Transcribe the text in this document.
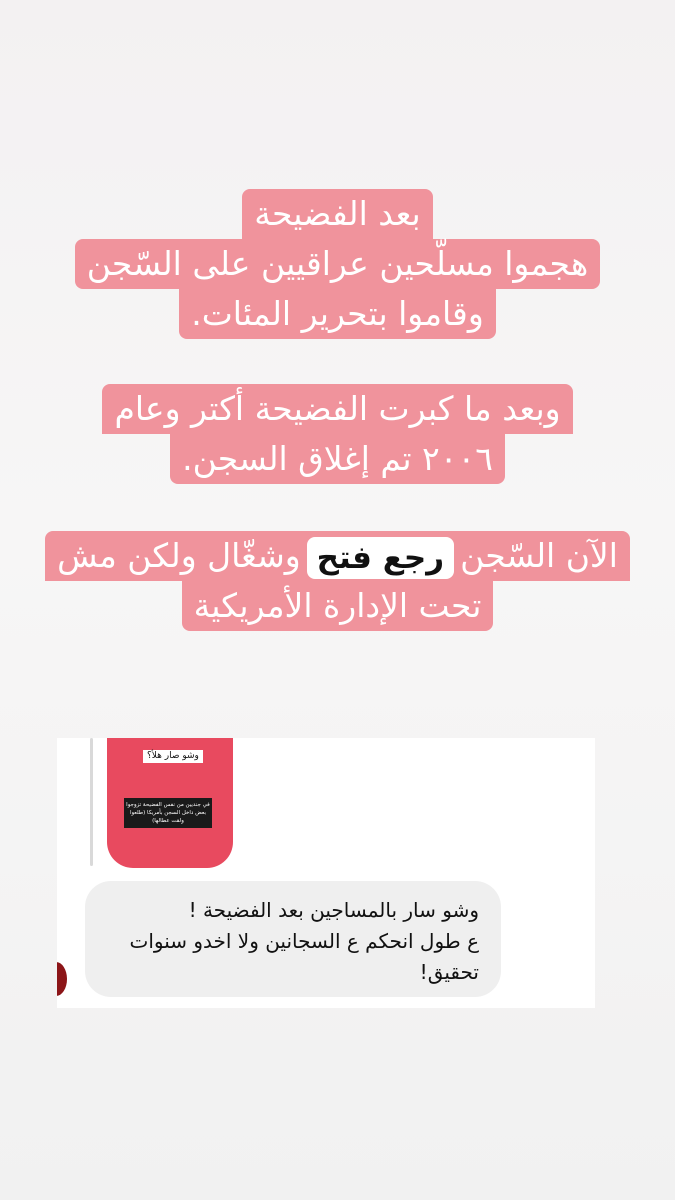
بعد الفضيحة
هجموا مسلّحين عراقيين على السّجن
وقاموا بتحرير المئات.
وبعد ما كبرت الفضيحة أكتر وعام
٢٠٠٦ تم إغلاق السجن.
الآن السّجنرجع فتحوشغّال ولكن مش
تحت الإدارة الأمريكية
وشو صار هلأ؟
في جنديين من نفس الفضيحة تزوجوا بعض داخل السجن بأمريكا (طلعوا ولقت عطالها)
وشو سار بالمساجين بعد الفضيحة !
ع طول انحكم ع السجانين ولا اخدو سنوات
تحقيق!
